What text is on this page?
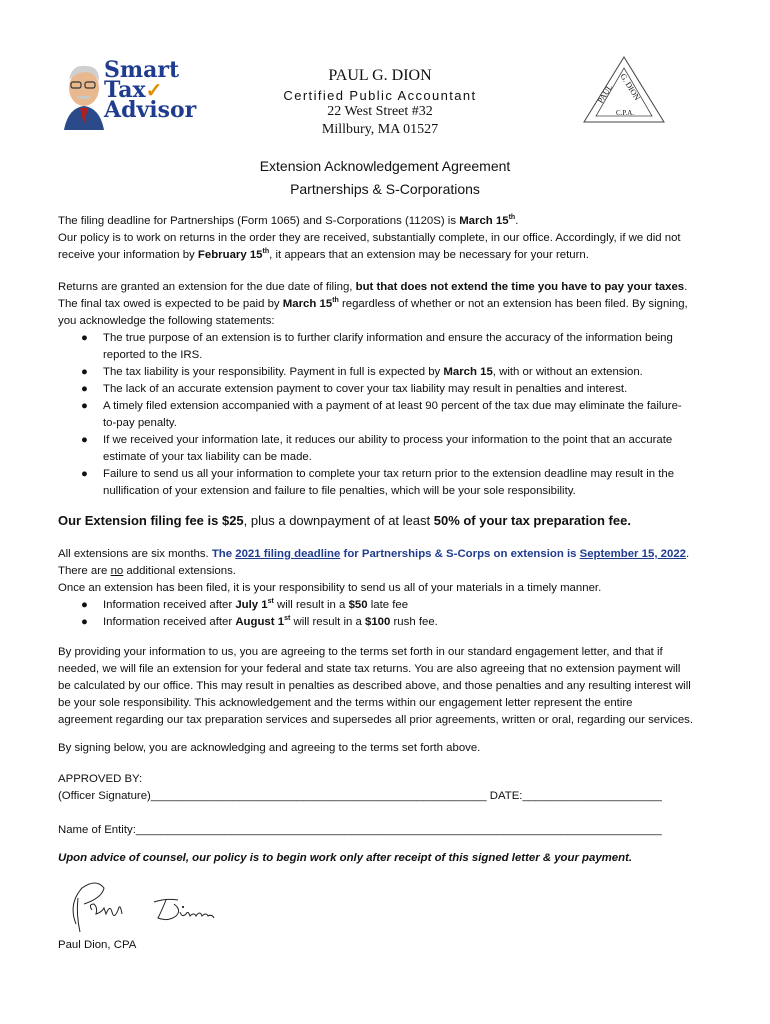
Smart
Tax✓
Advisor
PAUL G. DION
Certified Public Accountant
22 West Street #32
Millbury, MA 01527
G. DION
PAUL
C.P.A.
Extension Acknowledgement Agreement
Partnerships & S-Corporations
The filing deadline for Partnerships (Form 1065) and S-Corporations (1120S) is March 15th.
Our policy is to work on returns in the order they are received, substantially complete, in our office. Accordingly, if we did not
receive your information by February 15th, it appears that an extension may be necessary for your return.
Returns are granted an extension for the due date of filing, but that does not extend the time you have to pay your taxes.
The final tax owed is expected to be paid by March 15th regardless of whether or not an extension has been filed. By signing,
you acknowledge the following statements:
● The true purpose of an extension is to further clarify information and ensure the accuracy of the information being
reported to the IRS.
● The tax liability is your responsibility. Payment in full is expected by March 15, with or without an extension.
● The lack of an accurate extension payment to cover your tax liability may result in penalties and interest.
● A timely filed extension accompanied with a payment of at least 90 percent of the tax due may eliminate the failure-
to-pay penalty.
● If we received your information late, it reduces our ability to process your information to the point that an accurate
estimate of your tax liability can be made.
● Failure to send us all your information to complete your tax return prior to the extension deadline may result in the
nullification of your extension and failure to file penalties, which will be your sole responsibility.
Our Extension filing fee is $25, plus a downpayment of at least 50% of your tax preparation fee.
All extensions are six months. The 2021 filing deadline for Partnerships & S-Corps on extension is September 15, 2022.
There are no additional extensions.
Once an extension has been filed, it is your responsibility to send us all of your materials in a timely manner.
● Information received after July 1st will result in a $50 late fee
● Information received after August 1st will result in a $100 rush fee.
By providing your information to us, you are agreeing to the terms set forth in our standard engagement letter, and that if
needed, we will file an extension for your federal and state tax returns. You are also agreeing that no extension payment will
be calculated by our office. This may result in penalties as described above, and those penalties and any resulting interest will
be your sole responsibility. This acknowledgement and the terms within our engagement letter represent the entire
agreement regarding our tax preparation services and supersedes all prior agreements, written or oral, regarding our services.
By signing below, you are acknowledging and agreeing to the terms set forth above.
APPROVED BY:
(Officer Signature)_____________________________________________________ DATE:______________________
Name of Entity:___________________________________________________________________________________
Upon advice of counsel, our policy is to begin work only after receipt of this signed letter & your payment.
Paul Dion, CPA
